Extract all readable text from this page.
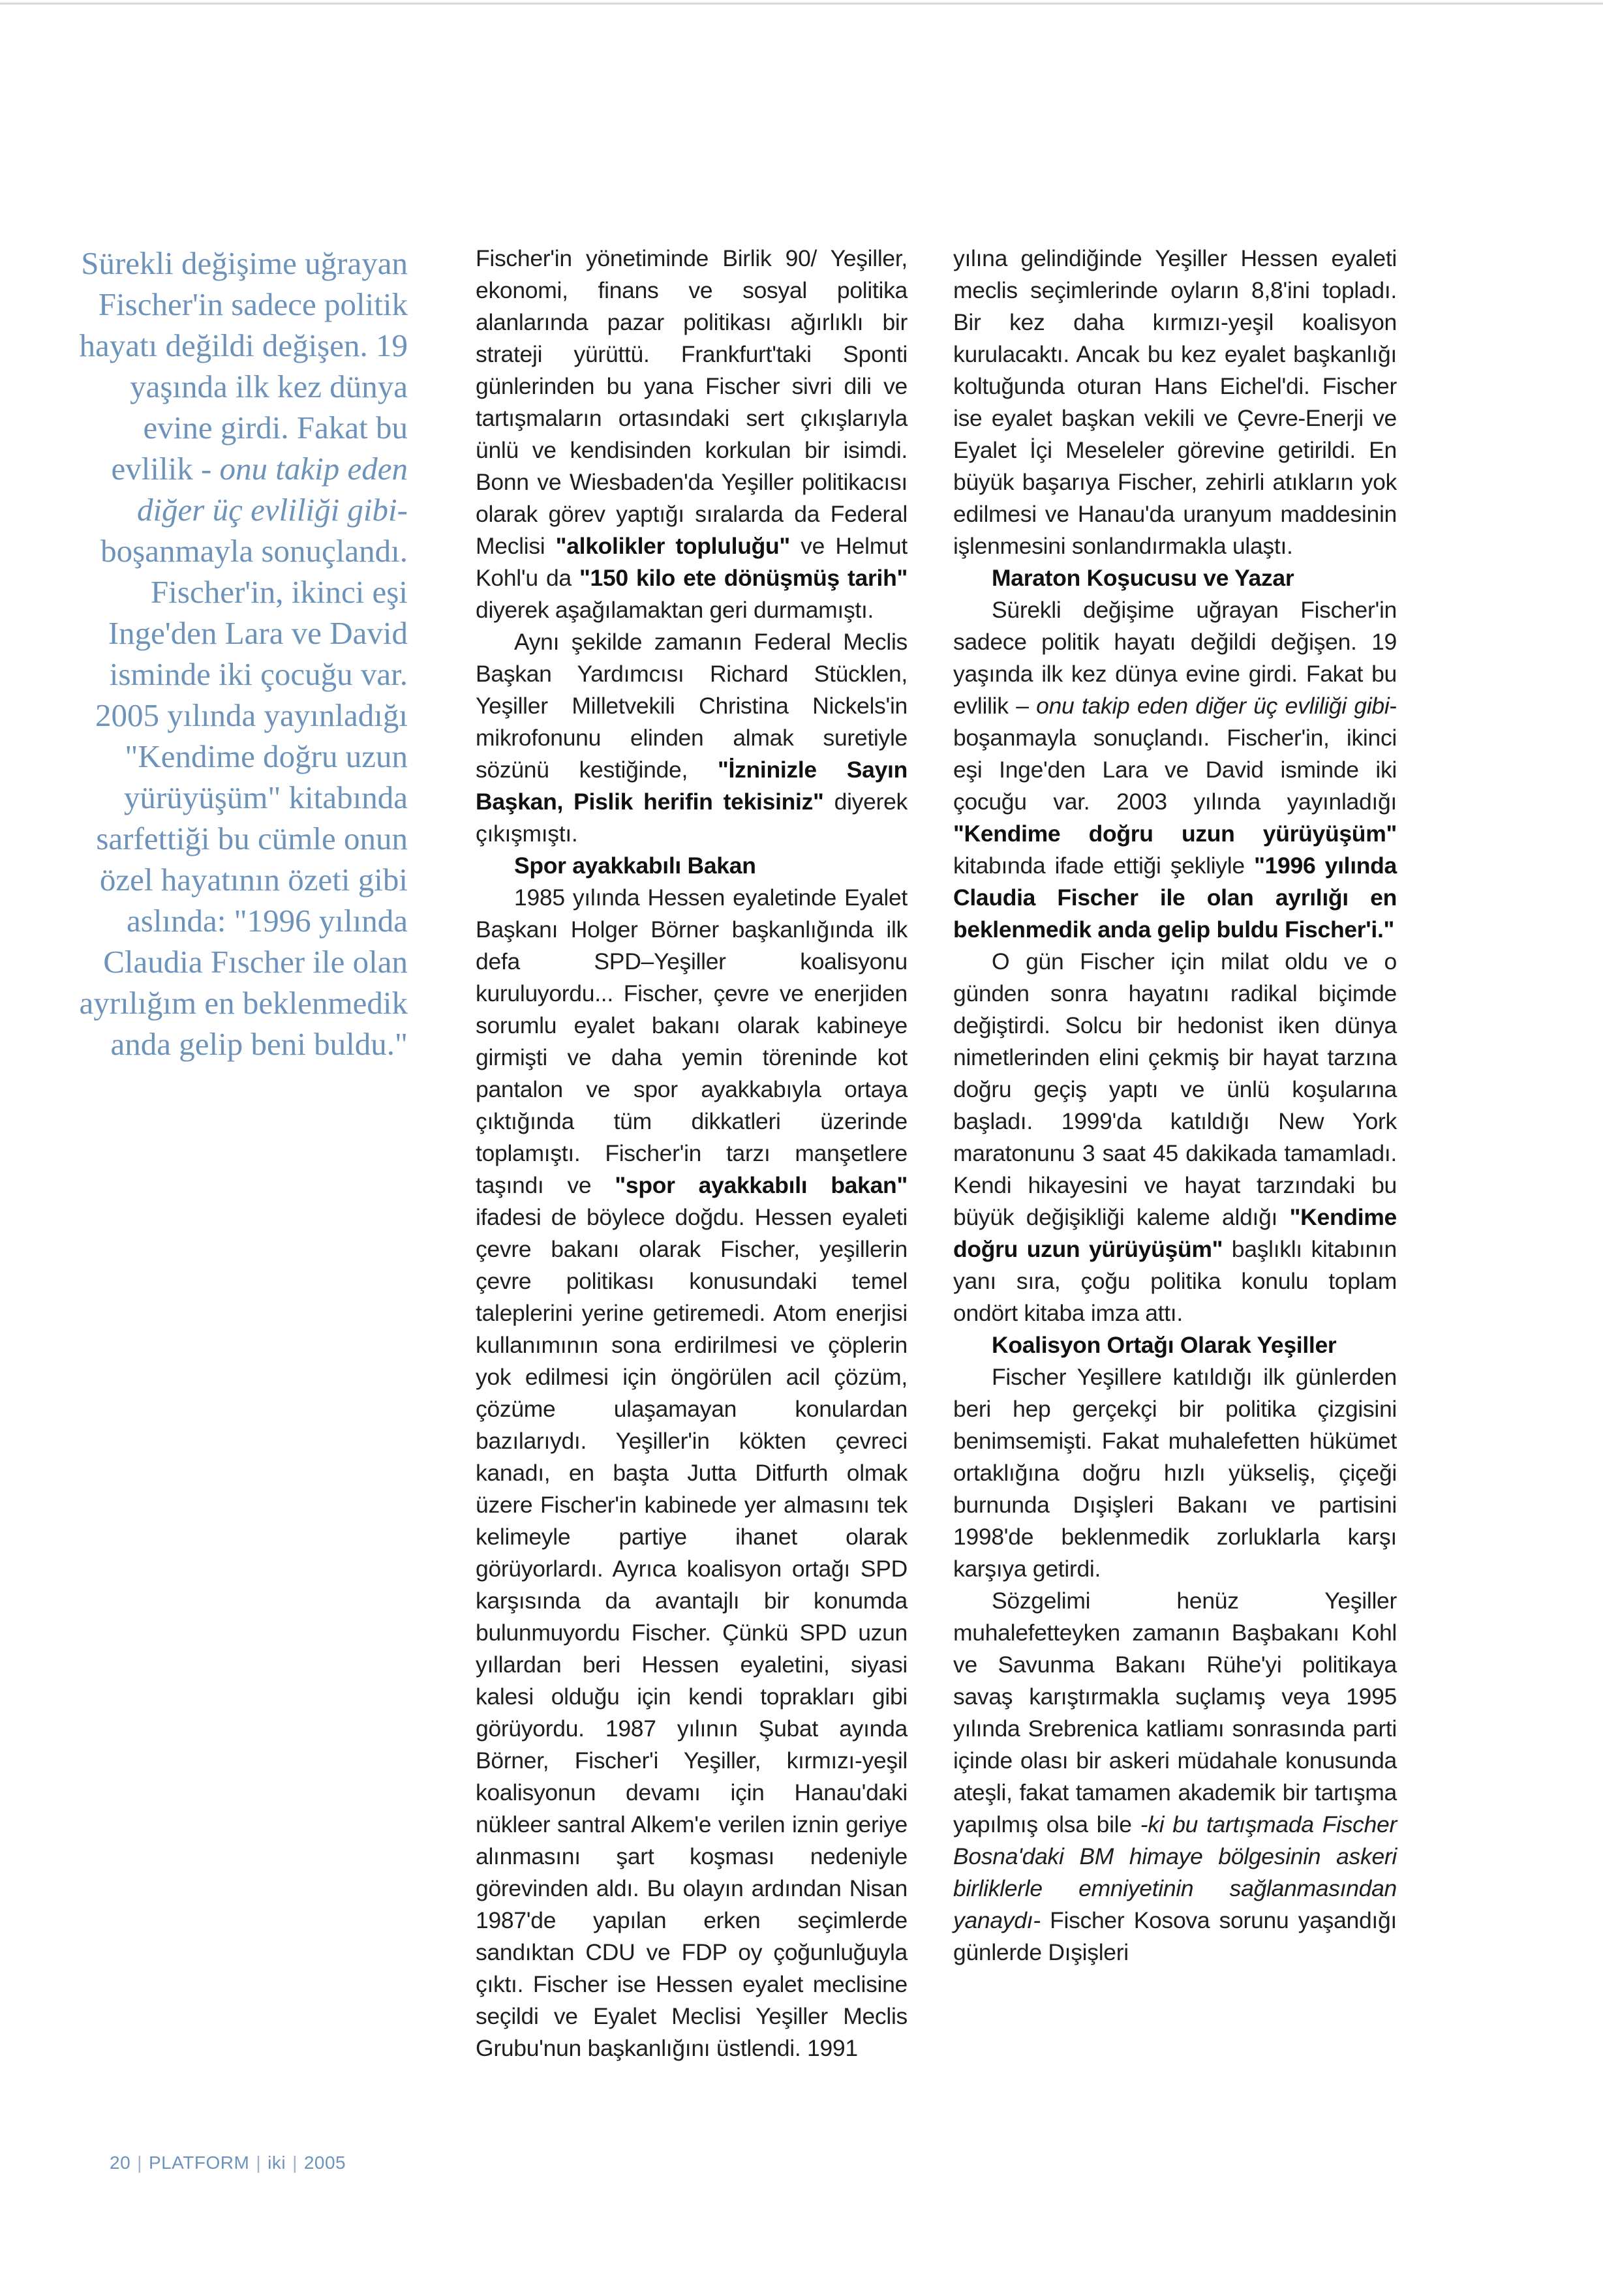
Sürekli değişime uğrayan Fischer'in sadece politik hayatı değildi değişen. 19 yaşında ilk kez dünya evine girdi. Fakat bu evlilik - onu takip eden diğer üç evliliği gibi- boşanmayla sonuçlandı. Fischer'in, ikinci eşi Inge'den Lara ve David isminde iki çocuğu var. 2005 yılında yayınladığı "Kendime doğru uzun yürüyüşüm" kitabında sarfettiği bu cümle onun özel hayatının özeti gibi aslında: "1996 yılında Claudia Fıscher ile olan ayrılığım en beklenmedik anda gelip beni buldu."

Fischer'in yönetiminde Birlik 90/ Yeşiller, ekonomi, finans ve sosyal politika alanlarında pazar politikası ağırlıklı bir strateji yürüttü. Frankfurt'taki Sponti günlerinden bu yana Fischer sivri dili ve tartışmaların ortasındaki sert çıkışlarıyla ünlü ve kendisinden korkulan bir isimdi. Bonn ve Wiesbaden'da Yeşiller politikacısı olarak görev yaptığı sıralarda da Federal Meclisi "alkolikler topluluğu" ve Helmut Kohl'u da "150 kilo ete dönüşmüş tarih" diyerek aşağılamaktan geri durmamıştı.

Aynı şekilde zamanın Federal Meclis Başkan Yardımcısı Richard Stücklen, Yeşiller Milletvekili Christina Nickels'in mikrofonunu elinden almak suretiyle sözünü kestiğinde, "İzninizle Sayın Başkan, Pislik herifin tekisiniz" diyerek çıkışmıştı.

Spor ayakkabılı Bakan

1985 yılında Hessen eyaletinde Eyalet Başkanı Holger Börner başkanlığında ilk defa SPD–Yeşiller koalisyonu kuruluyordu... Fischer, çevre ve enerjiden sorumlu eyalet bakanı olarak kabineye girmişti ve daha yemin töreninde kot pantalon ve spor ayakkabıyla ortaya çıktığında tüm dikkatleri üzerinde toplamıştı. Fischer'in tarzı manşetlere taşındı ve "spor ayakkabılı bakan" ifadesi de böylece doğdu. Hessen eyaleti çevre bakanı olarak Fischer, yeşillerin çevre politikası konusundaki temel taleplerini yerine getiremedi. Atom enerjisi kullanımının sona erdirilmesi ve çöplerin yok edilmesi için öngörülen acil çözüm, çözüme ulaşamayan konulardan bazılarıydı. Yeşiller'in kökten çevreci kanadı, en başta Jutta Ditfurth olmak üzere Fischer'in kabinede yer almasını tek kelimeyle partiye ihanet olarak görüyorlardı. Ayrıca koalisyon ortağı SPD karşısında da avantajlı bir konumda bulunmuyordu Fischer. Çünkü SPD uzun yıllardan beri Hessen eyaletini, siyasi kalesi olduğu için kendi toprakları gibi görüyordu. 1987 yılının Şubat ayında Börner, Fischer'i Yeşiller, kırmızı-yeşil koalisyonun devamı için Hanau'daki nükleer santral Alkem'e verilen iznin geriye alınmasını şart koşması nedeniyle görevinden aldı. Bu olayın ardından Nisan 1987'de yapılan erken seçimlerde sandıktan CDU ve FDP oy çoğunluğuyla çıktı. Fischer ise Hessen eyalet meclisine seçildi ve Eyalet Meclisi Yeşiller Meclis Grubu'nun başkanlığını üstlendi. 1991

yılına gelindiğinde Yeşiller Hessen eyaleti meclis seçimlerinde oyların 8,8'ini topladı. Bir kez daha kırmızı-yeşil koalisyon kurulacaktı. Ancak bu kez eyalet başkanlığı koltuğunda oturan Hans Eichel'di. Fischer ise eyalet başkan vekili ve Çevre-Enerji ve Eyalet İçi Meseleler görevine getirildi. En büyük başarıya Fischer, zehirli atıkların yok edilmesi ve Hanau'da uranyum maddesinin işlenmesini sonlandırmakla ulaştı.

Maraton Koşucusu ve Yazar

Sürekli değişime uğrayan Fischer'in sadece politik hayatı değildi değişen. 19 yaşında ilk kez dünya evine girdi. Fakat bu evlilik – onu takip eden diğer üç evliliği gibi- boşanmayla sonuçlandı. Fischer'in, ikinci eşi Inge'den Lara ve David isminde iki çocuğu var. 2003 yılında yayınladığı "Kendime doğru uzun yürüyüşüm" kitabında ifade ettiği şekliyle "1996 yılında Claudia Fischer ile olan ayrılığı en beklenmedik anda gelip buldu Fischer'i."

O gün Fischer için milat oldu ve o günden sonra hayatını radikal biçimde değiştirdi. Solcu bir hedonist iken dünya nimetlerinden elini çekmiş bir hayat tarzına doğru geçiş yaptı ve ünlü koşularına başladı. 1999'da katıldığı New York maratonunu 3 saat 45 dakikada tamamladı. Kendi hikayesini ve hayat tarzındaki bu büyük değişikliği kaleme aldığı "Kendime doğru uzun yürüyüşüm" başlıklı kitabının yanı sıra, çoğu politika konulu toplam ondört kitaba imza attı.

Koalisyon Ortağı Olarak Yeşiller

Fischer Yeşillere katıldığı ilk günlerden beri hep gerçekçi bir politika çizgisini benimsemişti. Fakat muhalefetten hükümet ortaklığına doğru hızlı yükseliş, çiçeği burnunda Dışişleri Bakanı ve partisini 1998'de beklenmedik zorluklarla karşı karşıya getirdi.

Sözgelimi henüz Yeşiller muhalefetteyken zamanın Başbakanı Kohl ve Savunma Bakanı Rühe'yi politikaya savaş karıştırmakla suçlamış veya 1995 yılında Srebrenica katliamı sonrasında parti içinde olası bir askeri müdahale konusunda ateşli, fakat tamamen akademik bir tartışma yapılmış olsa bile -ki bu tartışmada Fischer Bosna'daki BM himaye bölgesinin askeri birliklerle emniyetinin sağlanmasından yanaydı- Fischer Kosova sorunu yaşandığı günlerde Dışişleri

20 | PLATFORM | iki | 2005
